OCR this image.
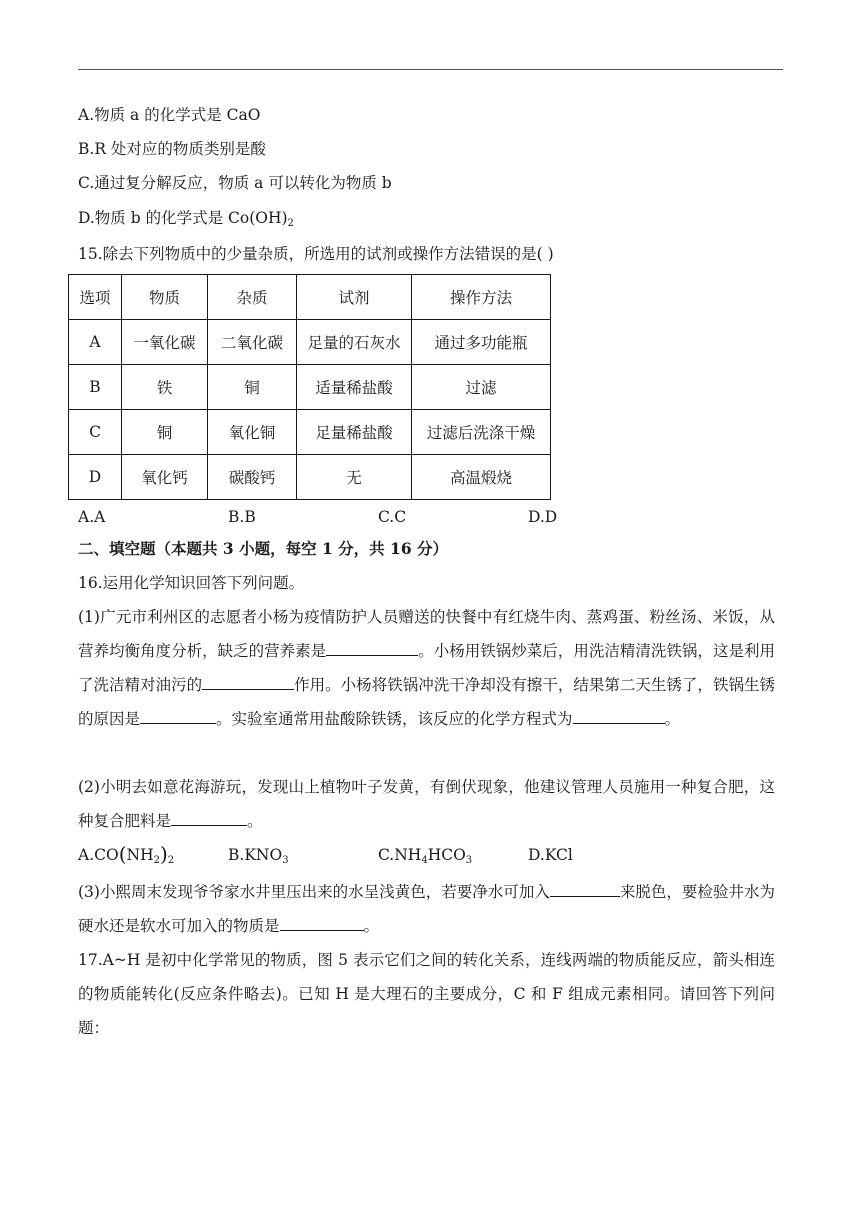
A.物质 a 的化学式是 CaO
B.R 处对应的物质类别是酸
C.通过复分解反应，物质 a 可以转化为物质 b
D.物质 b 的化学式是 $Co(OH)_2$
15.除去下列物质中的少量杂质，所选用的试剂或操作方法错误的是( )
选项	物质	杂质	试剂	操作方法
A	一氧化碳	二氧化碳	足量的石灰水	通过多功能瓶
B	铁	铜	适量稀盐酸	过滤
C	铜	氧化铜	足量稀盐酸	过滤后洗涤干燥
D	氧化钙	碳酸钙	无	高温煅烧
A.A	B.B	C.C	D.D
二、填空题（本题共 3 小题，每空 1 分，共 16 分）
16.运用化学知识回答下列问题。
(1)广元市利州区的志愿者小杨为疫情防护人员赠送的快餐中有红烧牛肉、蒸鸡蛋、粉丝汤、米饭，从营养均衡角度分析，缺乏的营养素是	。小杨用铁锅炒菜后，用洗洁精清洗铁锅，这是利用了洗洁精对油污的	作用。小杨将铁锅冲洗干净却没有擦干，结果第二天生锈了，铁锅生锈的原因是	。实验室通常用盐酸除铁锈，该反应的化学方程式为	。
(2)小明去如意花海游玩，发现山上植物叶子发黄，有倒伏现象，他建议管理人员施用一种复合肥，这种复合肥料是	。
$A.CO(NH_2)_2$	$B.KNO_3$	$C.NH_4HCO_3$	D.KCl
(3)小熙周末发现爷爷家水井里压出来的水呈浅黄色，若要净水可加入	来脱色，要检验井水为硬水还是软水可加入的物质是	。
17.A~H 是初中化学常见的物质，图 5 表示它们之间的转化关系，连线两端的物质能反应，箭头相连的物质能转化(反应条件略去)。已知 H 是大理石的主要成分，C 和 F 组成元素相同。请回答下列问题：
